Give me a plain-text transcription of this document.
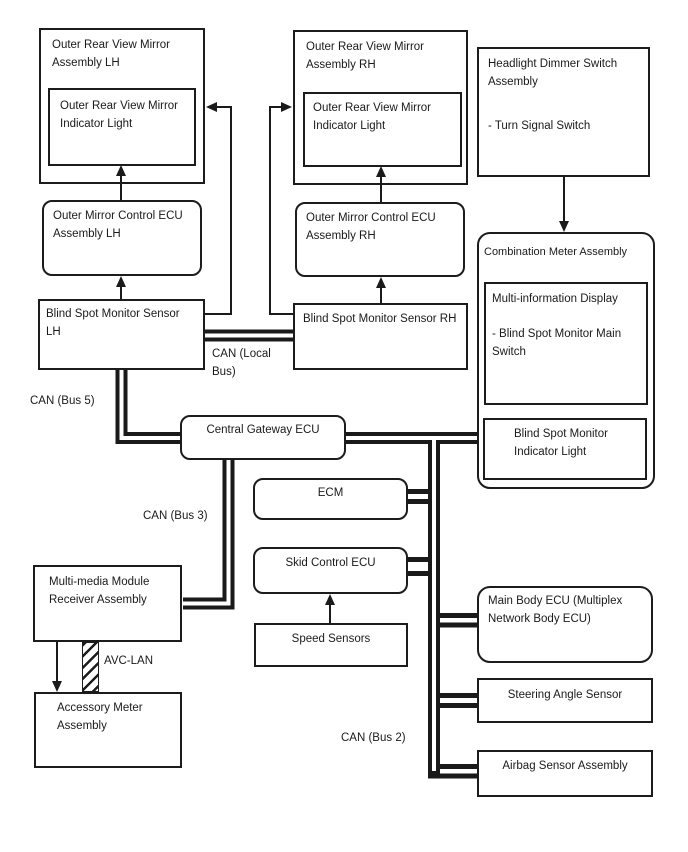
Outer Rear View Mirror Assembly LH
Outer Rear View Mirror Indicator Light
Outer Mirror Control ECU Assembly LH
Blind Spot Monitor Sensor LH
Outer Rear View Mirror Assembly RH
Outer Rear View Mirror Indicator Light
Outer Mirror Control ECU Assembly RH
Blind Spot Monitor Sensor RH
Headlight Dimmer Switch Assembly
- Turn Signal Switch
Combination Meter Assembly
Multi-information Display
- Blind Spot Monitor Main Switch
Blind Spot Monitor Indicator Light
Central Gateway ECU
ECM
Skid Control ECU
Speed Sensors
Multi-media Module Receiver Assembly
Accessory Meter Assembly
Main Body ECU (Multiplex Network Body ECU)
Steering Angle Sensor
Airbag Sensor Assembly
CAN (Bus 5)
CAN (Local Bus)
CAN (Bus 3)
CAN (Bus 2)
AVC-LAN
